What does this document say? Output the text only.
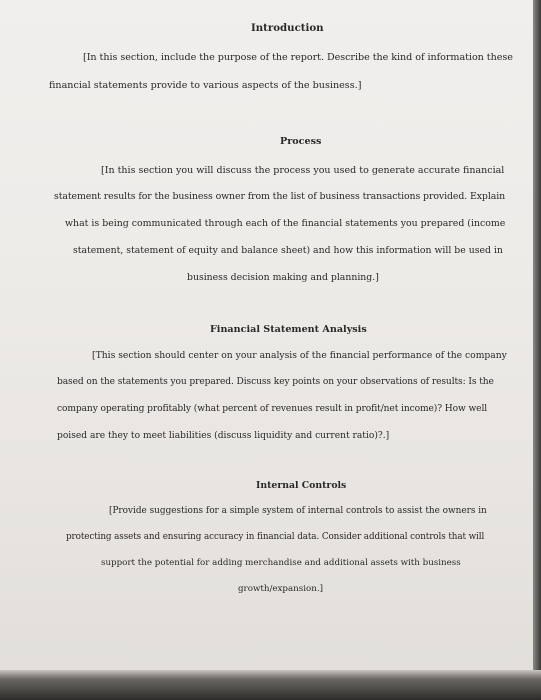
Introduction
[In this section, include the purpose of the report. Describe the kind of information these
financial statements provide to various aspects of the business.]
Process
[In this section you will discuss the process you used to generate accurate financial
statement results for the business owner from the list of business transactions provided. Explain
what is being communicated through each of the financial statements you prepared (income
statement, statement of equity and balance sheet) and how this information will be used in
business decision making and planning.]
Financial Statement Analysis
[This section should center on your analysis of the financial performance of the company
based on the statements you prepared. Discuss key points on your observations of results: Is the
company operating profitably (what percent of revenues result in profit/net income)? How well
poised are they to meet liabilities (discuss liquidity and current ratio)?.]
Internal Controls
[Provide suggestions for a simple system of internal controls to assist the owners in
protecting assets and ensuring accuracy in financial data. Consider additional controls that will
support the potential for adding merchandise and additional assets with business
growth/expansion.]
